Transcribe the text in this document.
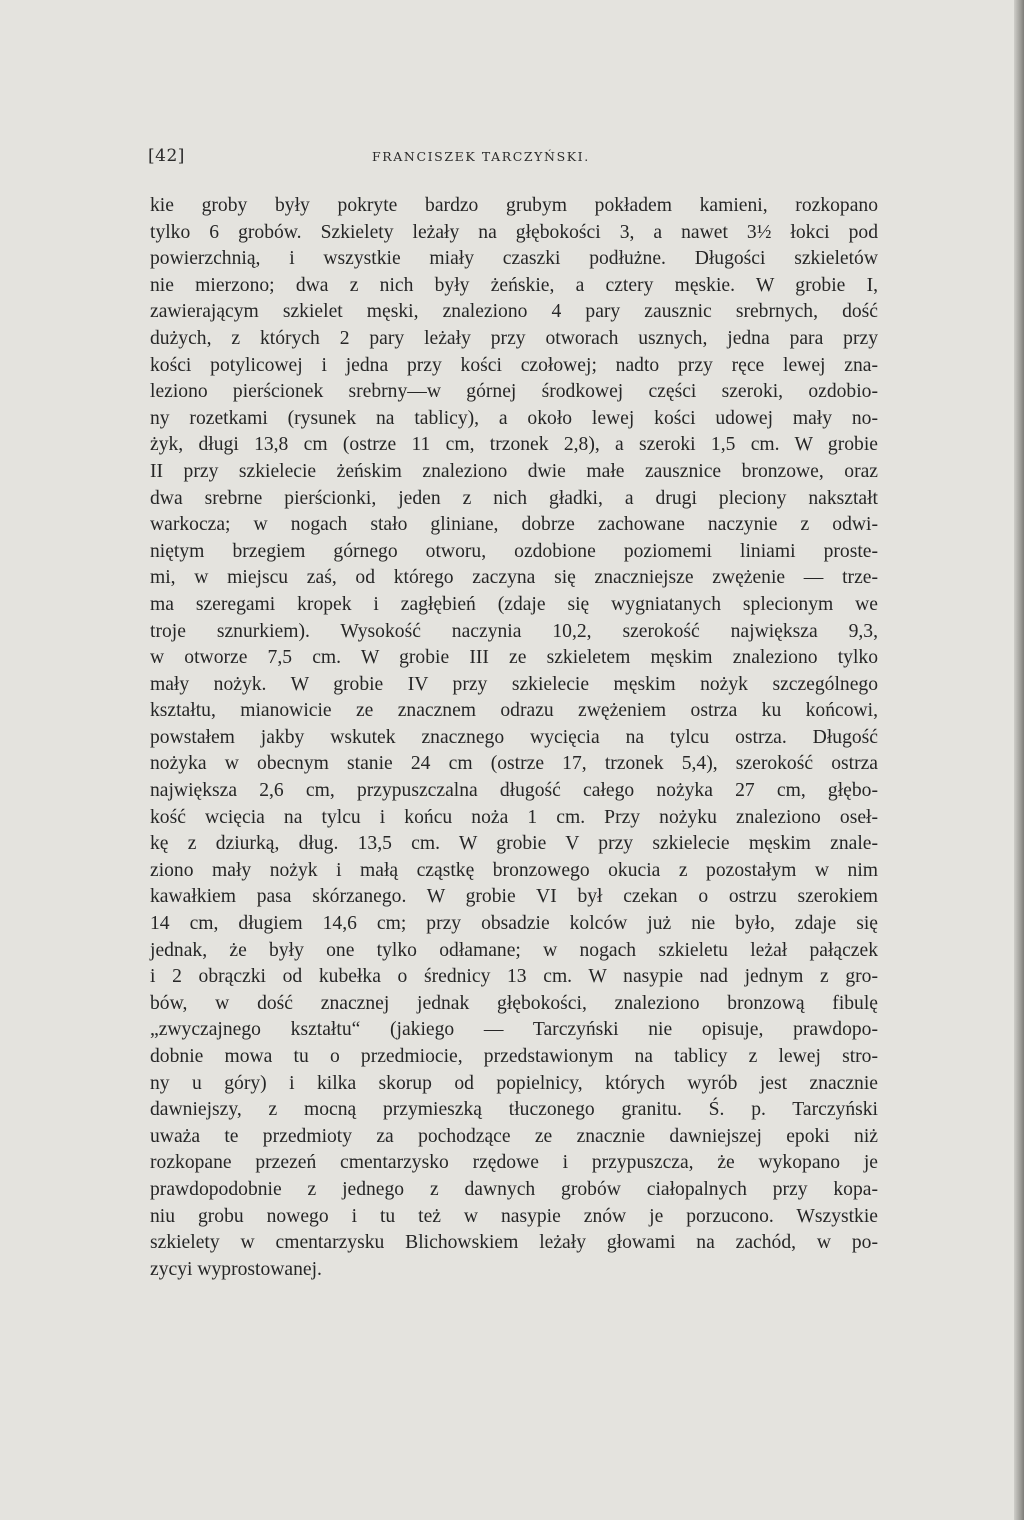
[42]	FRANCISZEK TARCZYŃSKI.
kie groby były pokryte bardzo grubym pokładem kamieni, rozkopano
tylko 6 grobów. Szkielety leżały na głębokości 3, a nawet 3½ łokci pod
powierzchnią, i wszystkie miały czaszki podłużne. Długości szkieletów
nie mierzono; dwa z nich były żeńskie, a cztery męskie. W grobie I,
zawierającym szkielet męski, znaleziono 4 pary zausznic srebrnych, dość
dużych, z których 2 pary leżały przy otworach usznych, jedna para przy
kości potylicowej i jedna przy kości czołowej; nadto przy ręce lewej zna-
leziono pierścionek srebrny—w górnej środkowej części szeroki, ozdobio-
ny rozetkami (rysunek na tablicy), a około lewej kości udowej mały no-
żyk, długi 13,8 cm (ostrze 11 cm, trzonek 2,8), a szeroki 1,5 cm. W grobie
II przy szkielecie żeńskim znaleziono dwie małe zausznice bronzowe, oraz
dwa srebrne pierścionki, jeden z nich gładki, a drugi pleciony nakształt
warkocza; w nogach stało gliniane, dobrze zachowane naczynie z odwi-
niętym brzegiem górnego otworu, ozdobione poziomemi liniami proste-
mi, w miejscu zaś, od którego zaczyna się znaczniejsze zwężenie — trze-
ma szeregami kropek i zagłębień (zdaje się wygniatanych splecionym we
troje sznurkiem). Wysokość naczynia 10,2, szerokość największa 9,3,
w otworze 7,5 cm. W grobie III ze szkieletem męskim znaleziono tylko
mały nożyk. W grobie IV przy szkielecie męskim nożyk szczególnego
kształtu, mianowicie ze znacznem odrazu zwężeniem ostrza ku końcowi,
powstałem jakby wskutek znacznego wycięcia na tylcu ostrza. Długość
nożyka w obecnym stanie 24 cm (ostrze 17, trzonek 5,4), szerokość ostrza
największa 2,6 cm, przypuszczalna długość całego nożyka 27 cm, głębo-
kość wcięcia na tylcu i końcu noża 1 cm. Przy nożyku znaleziono oseł-
kę z dziurką, dług. 13,5 cm. W grobie V przy szkielecie męskim znale-
ziono mały nożyk i małą cząstkę bronzowego okucia z pozostałym w nim
kawałkiem pasa skórzanego. W grobie VI był czekan o ostrzu szerokiem
14 cm, długiem 14,6 cm; przy obsadzie kolców już nie było, zdaje się
jednak, że były one tylko odłamane; w nogach szkieletu leżał pałączek
i 2 obrączki od kubełka o średnicy 13 cm. W nasypie nad jednym z gro-
bów, w dość znacznej jednak głębokości, znaleziono bronzową fibulę
„zwyczajnego kształtu“ (jakiego — Tarczyński nie opisuje, prawdopo-
dobnie mowa tu o przedmiocie, przedstawionym na tablicy z lewej stro-
ny u góry) i kilka skorup od popielnicy, których wyrób jest znacznie
dawniejszy, z mocną przymieszką tłuczonego granitu. Ś. p. Tarczyński
uważa te przedmioty za pochodzące ze znacznie dawniejszej epoki niż
rozkopane przezeń cmentarzysko rzędowe i przypuszcza, że wykopano je
prawdopodobnie z jednego z dawnych grobów ciałopalnych przy kopa-
niu grobu nowego i tu też w nasypie znów je porzucono. Wszystkie
szkielety w cmentarzysku Blichowskiem leżały głowami na zachód, w po-
zycyi wyprostowanej.
